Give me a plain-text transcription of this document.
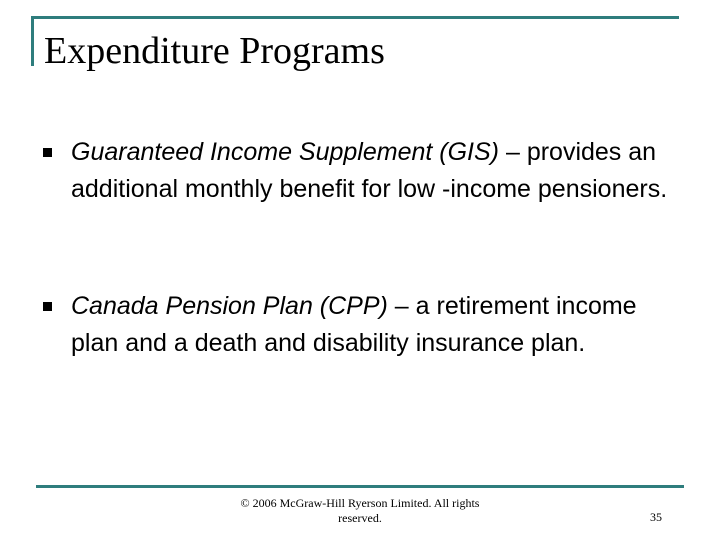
Expenditure Programs

Guaranteed Income Supplement (GIS) – provides an additional monthly benefit for low -income pensioners.

Canada Pension Plan (CPP) – a retirement income plan and a death and disability insurance plan.

© 2006 McGraw-Hill Ryerson Limited. All rights reserved.	35
